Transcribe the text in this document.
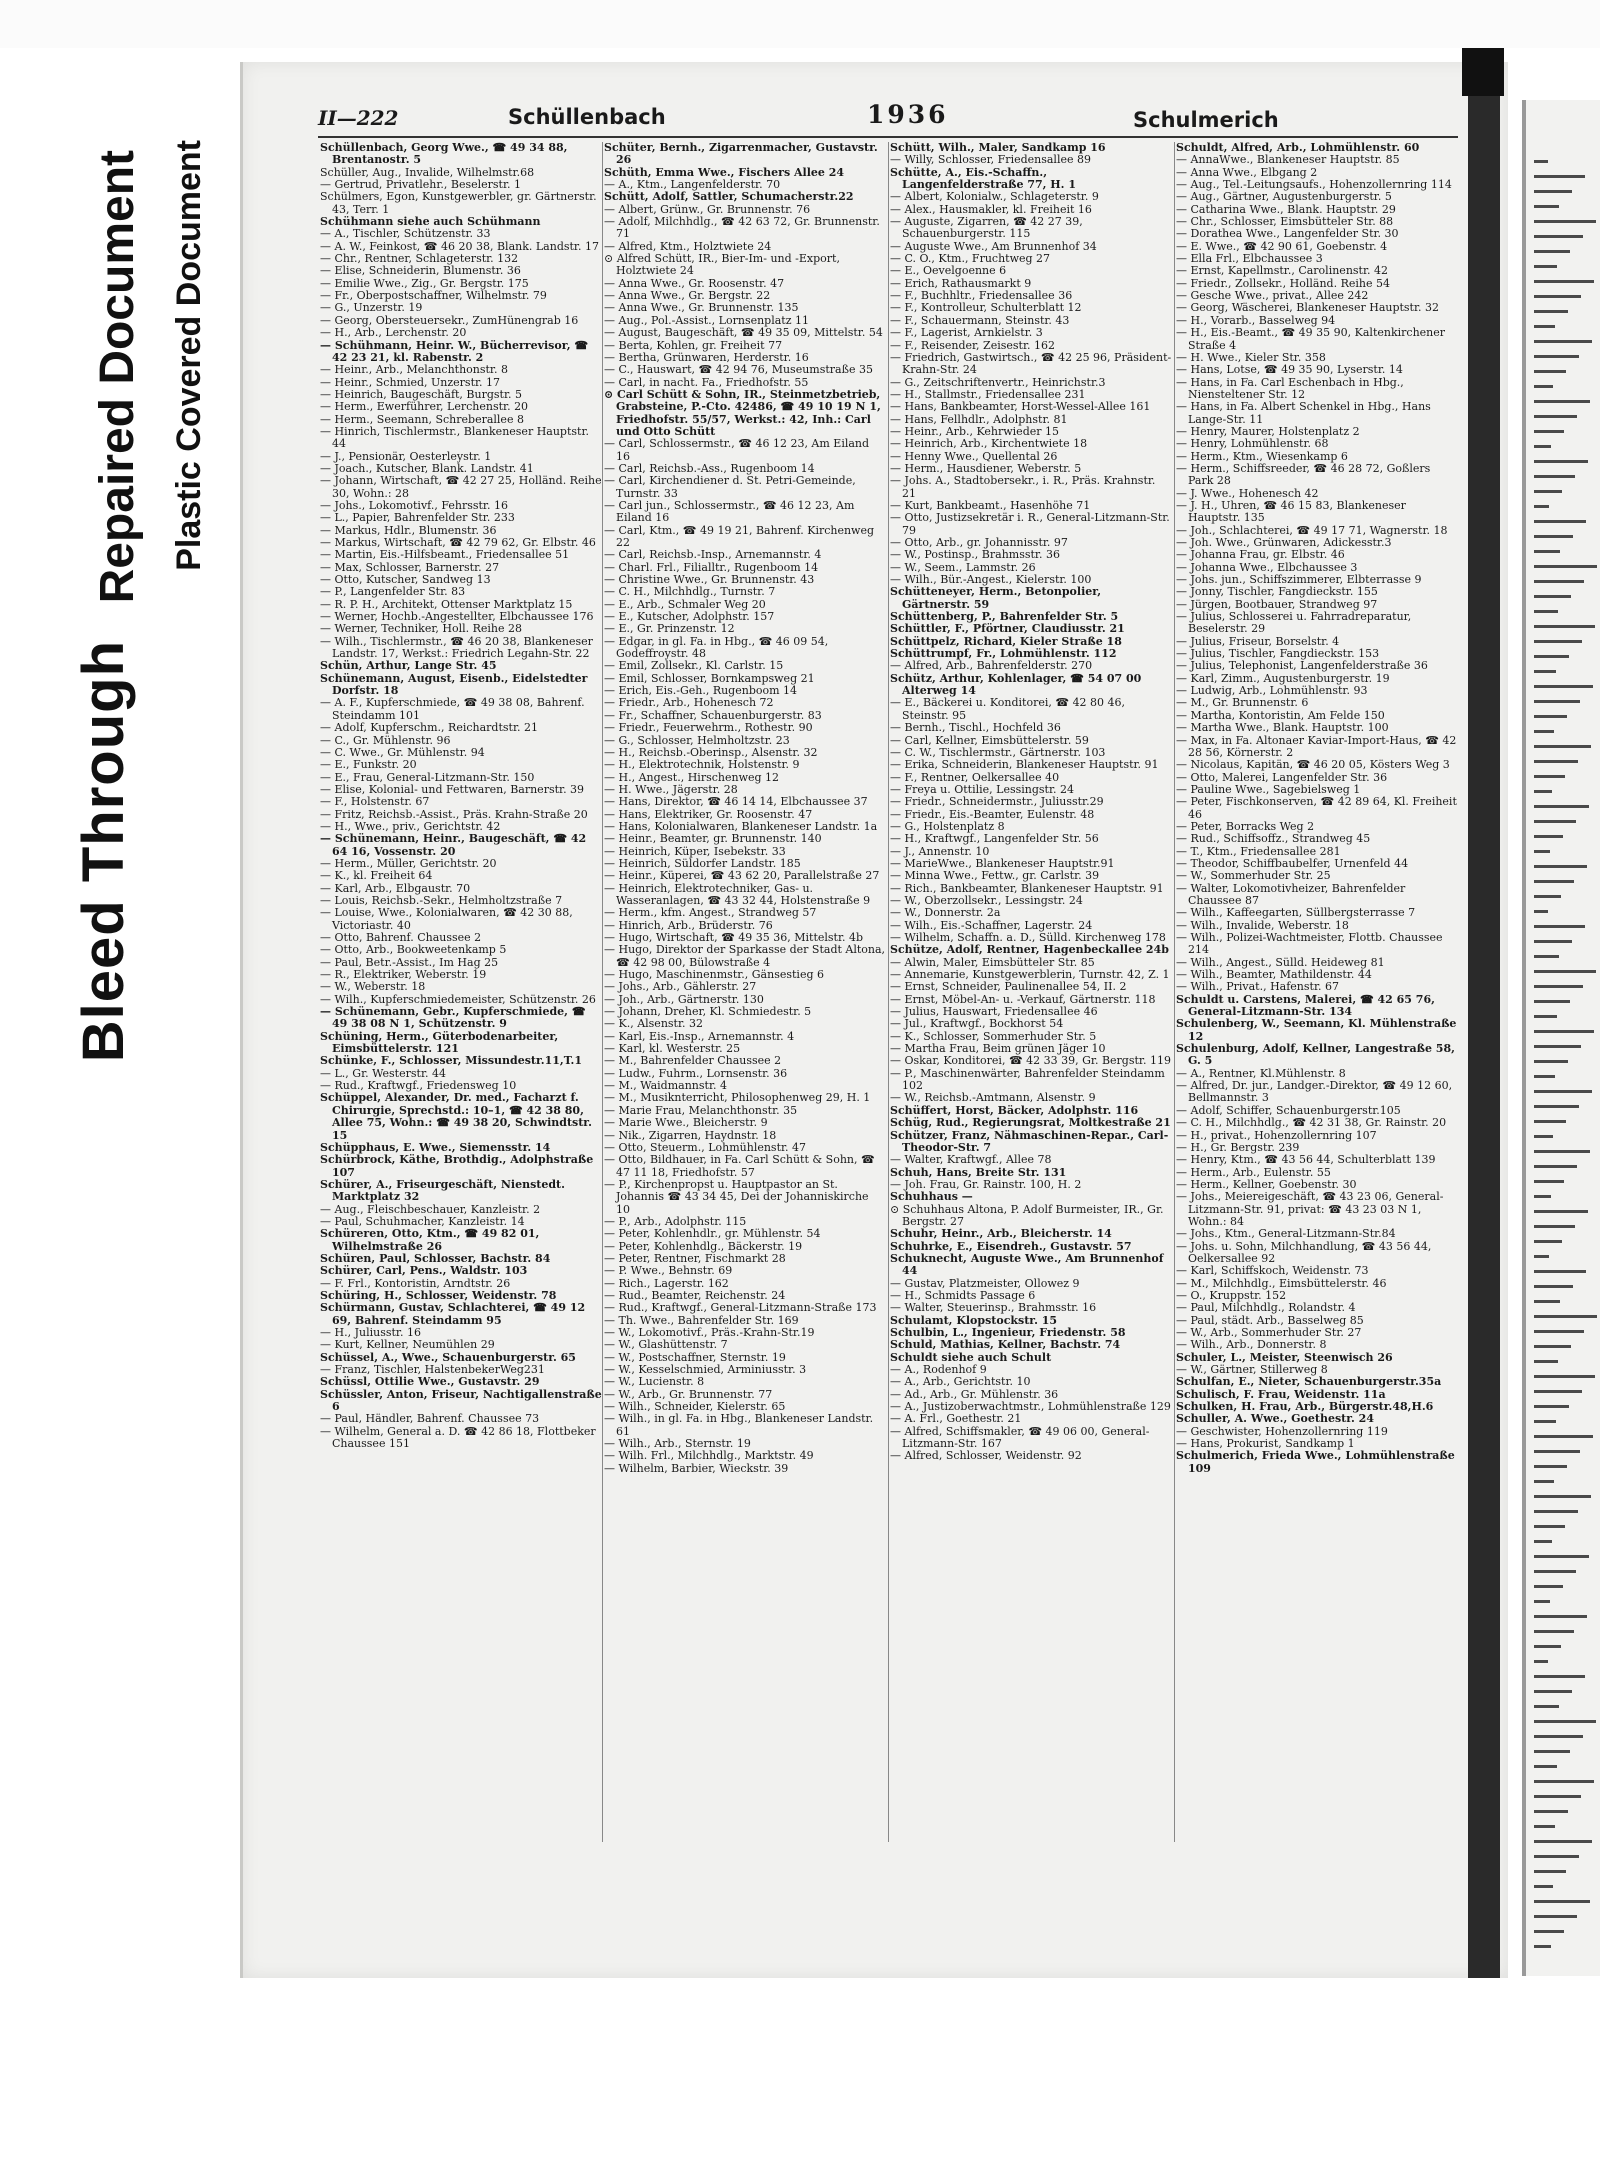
Bleed Through
Repaired Document Plastic Covered Document
II—222	Schüllenbach	1936	Schulmerich
Schüllenbach, Georg Wwe., ☎ 49 34 88, Brentanostr. 5
Schüller, Aug., Invalide, Wilhelmstr.68
— Gertrud, Privatlehr., Beselerstr. 1
Schülmers, Egon, Kunstgewerbler, gr. Gärtnerstr. 43, Terr. 1
Schühmann siehe auch Schühmann
— A., Tischler, Schützenstr. 33
— A. W., Feinkost, ☎ 46 20 38, Blank. Landstr. 17
— Chr., Rentner, Schlageterstr. 132
— Elise, Schneiderin, Blumenstr. 36
— Emilie Wwe., Zig., Gr. Bergstr. 175
— Fr., Oberpostschaffner, Wilhelmstr. 79
— G., Unzerstr. 19
— Georg, Obersteuersekr., ZumHünengrab 16
— H., Arb., Lerchenstr. 20
— Schühmann, Heinr. W., Bücherrevisor, ☎ 42 23 21, kl. Rabenstr. 2
— Heinr., Arb., Melanchthonstr. 8
— Heinr., Schmied, Unzerstr. 17
— Heinrich, Baugeschäft, Burgstr. 5
— Herm., Ewerführer, Lerchenstr. 20
— Herm., Seemann, Schreberallee 8
— Hinrich, Tischlermstr., Blankeneser Hauptstr. 44
— J., Pensionär, Oesterleystr. 1
— Joach., Kutscher, Blank. Landstr. 41
— Johann, Wirtschaft, ☎ 42 27 25, Holländ. Reihe 30, Wohn.: 28
— Johs., Lokomotivf., Fehrsstr. 16
— L., Papier, Bahrenfelder Str. 233
— Markus, Hdlr., Blumenstr. 36
— Markus, Wirtschaft, ☎ 42 79 62, Gr. Elbstr. 46
— Martin, Eis.-Hilfsbeamt., Friedensallee 51
— Max, Schlosser, Barnerstr. 27
— Otto, Kutscher, Sandweg 13
— P., Langenfelder Str. 83
— R. P. H., Architekt, Ottenser Marktplatz 15
— Werner, Hochb.-Angestellter, Elbchaussee 176
— Werner, Techniker, Holl. Reihe 28
— Wilh., Tischlermstr., ☎ 46 20 38, Blankeneser Landstr. 17, Werkst.: Friedrich Legahn-Str. 22
Schün, Arthur, Lange Str. 45
Schünemann, August, Eisenb., Eidelstedter Dorfstr. 18
— A. F., Kupferschmiede, ☎ 49 38 08, Bahrenf. Steindamm 101
— Adolf, Kupferschm., Reichardtstr. 21
— C., Gr. Mühlenstr. 96
— C. Wwe., Gr. Mühlenstr. 94
— E., Funkstr. 20
— E., Frau, General-Litzmann-Str. 150
— Elise, Kolonial- und Fettwaren, Barnerstr. 39
— F., Holstenstr. 67
— Fritz, Reichsb.-Assist., Präs. Krahn-Straße 20
— H., Wwe., priv., Gerichtstr. 42
— Schünemann, Heinr., Baugeschäft, ☎ 42 64 16, Vossenstr. 20
— Herm., Müller, Gerichtstr. 20
— K., kl. Freiheit 64
— Karl, Arb., Elbgaustr. 70
— Louis, Reichsb.-Sekr., Helmholtzstraße 7
— Louise, Wwe., Kolonialwaren, ☎ 42 30 88, Victoriastr. 40
— Otto, Bahrenf. Chaussee 2
— Otto, Arb., Bookweetenkamp 5
— Paul, Betr.-Assist., Im Hag 25
— R., Elektriker, Weberstr. 19
— W., Weberstr. 18
— Wilh., Kupferschmiedemeister, Schützenstr. 26
— Schünemann, Gebr., Kupferschmiede, ☎ 49 38 08 N 1, Schützenstr. 9
Schüning, Herm., Güterbodenarbeiter, Eimsbüttelerstr. 121
Schünke, F., Schlosser, Missundestr.11,T.1
— L., Gr. Westerstr. 44
— Rud., Kraftwgf., Friedensweg 10
Schüppel, Alexander, Dr. med., Facharzt f. Chirurgie, Sprechstd.: 10–1, ☎ 42 38 80, Allee 75, Wohn.: ☎ 49 38 20, Schwindtstr. 15
Schüpphaus, E. Wwe., Siemensstr. 14
Schürbrock, Käthe, Brothdig., Adolphstraße 107
Schürer, A., Friseurgeschäft, Nienstedt. Marktplatz 32
— Aug., Fleischbeschauer, Kanzleistr. 2
— Paul, Schuhmacher, Kanzleistr. 14
Schüreren, Otto, Ktm., ☎ 49 82 01, Wilhelmstraße 26
Schüren, Paul, Schlosser, Bachstr. 84
Schürer, Carl, Pens., Waldstr. 103
— F. Frl., Kontoristin, Arndtstr. 26
Schüring, H., Schlosser, Weidenstr. 78
Schürmann, Gustav, Schlachterei, ☎ 49 12 69, Bahrenf. Steindamm 95
— H., Juliusstr. 16
— Kurt, Kellner, Neumühlen 29
Schüssel, A., Wwe., Schauenburgerstr. 65
— Franz, Tischler, HalstenbekerWeg231
Schüssl, Ottilie Wwe., Gustavstr. 29
Schüssler, Anton, Friseur, Nachtigallenstraße 6
— Paul, Händler, Bahrenf. Chaussee 73
— Wilhelm, General a. D. ☎ 42 86 18, Flottbeker Chaussee 151
Schüter, Bernh., Zigarrenmacher, Gustavstr. 26
Schüth, Emma Wwe., Fischers Allee 24
— A., Ktm., Langenfelderstr. 70
Schütt, Adolf, Sattler, Schumacherstr.22
— Albert, Grünw., Gr. Brunnenstr. 76
— Adolf, Milchhdlg., ☎ 42 63 72, Gr. Brunnenstr. 71
— Alfred, Ktm., Holztwiete 24
⊙ Alfred Schütt, IR., Bier-Im- und -Export, Holztwiete 24
— Anna Wwe., Gr. Roosenstr. 47
— Anna Wwe., Gr. Bergstr. 22
— Anna Wwe., Gr. Brunnenstr. 135
— Aug., Pol.-Assist., Lornsenplatz 11
— August, Baugeschäft, ☎ 49 35 09, Mittelstr. 54
— Berta, Kohlen, gr. Freiheit 77
— Bertha, Grünwaren, Herderstr. 16
— C., Hauswart, ☎ 42 94 76, Museumstraße 35
— Carl, in nacht. Fa., Friedhofstr. 55
⊙ Carl Schütt & Sohn, IR., Steinmetzbetrieb, Grabsteine, P.-Cto. 42486, ☎ 49 10 19 N 1, Friedhofstr. 55/57, Werkst.: 42, Inh.: Carl und Otto Schütt
— Carl, Schlossermstr., ☎ 46 12 23, Am Eiland 16
— Carl, Reichsb.-Ass., Rugenboom 14
— Carl, Kirchendiener d. St. Petri-Gemeinde, Turnstr. 33
— Carl jun., Schlossermstr., ☎ 46 12 23, Am Eiland 16
— Carl, Ktm., ☎ 49 19 21, Bahrenf. Kirchenweg 22
— Carl, Reichsb.-Insp., Arnemannstr. 4
— Charl. Frl., Filialltr., Rugenboom 14
— Christine Wwe., Gr. Brunnenstr. 43
— C. H., Milchhdlg., Turnstr. 7
— E., Arb., Schmaler Weg 20
— E., Kutscher, Adolphstr. 157
— E., Gr. Prinzenstr. 12
— Edgar, in gl. Fa. in Hbg., ☎ 46 09 54, Godeffroystr. 48
— Emil, Zollsekr., Kl. Carlstr. 15
— Emil, Schlosser, Bornkampsweg 21
— Erich, Eis.-Geh., Rugenboom 14
— Friedr., Arb., Hohenesch 72
— Fr., Schaffner, Schauenburgerstr. 83
— Friedr., Feuerwehrm., Rothestr. 90
— G., Schlosser, Helmholtzstr. 23
— H., Reichsb.-Oberinsp., Alsenstr. 32
— H., Elektrotechnik, Holstenstr. 9
— H., Angest., Hirschenweg 12
— H. Wwe., Jägerstr. 28
— Hans, Direktor, ☎ 46 14 14, Elbchaussee 37
— Hans, Elektriker, Gr. Roosenstr. 47
— Hans, Kolonialwaren, Blankeneser Landstr. 1a
— Heinr., Beamter, gr. Brunnenstr. 140
— Heinrich, Küper, Isebekstr. 33
— Heinrich, Süldorfer Landstr. 185
— Heinr., Küperei, ☎ 43 62 20, Parallelstraße 27
— Heinrich, Elektrotechniker, Gas- u. Wasseranlagen, ☎ 43 32 44, Holstenstraße 9
— Herm., kfm. Angest., Strandweg 57
— Hinrich, Arb., Brüderstr. 76
— Hugo, Wirtschaft, ☎ 49 35 36, Mittelstr. 4b
— Hugo, Direktor der Sparkasse der Stadt Altona, ☎ 42 98 00, Bülowstraße 4
— Hugo, Maschinenmstr., Gänsestieg 6
— Johs., Arb., Gählerstr. 27
— Joh., Arb., Gärtnerstr. 130
— Johann, Dreher, Kl. Schmiedestr. 5
— K., Alsenstr. 32
— Karl, Eis.-Insp., Arnemannstr. 4
— Karl, kl. Westerstr. 25
— M., Bahrenfelder Chaussee 2
— Ludw., Fuhrm., Lornsenstr. 36
— M., Waidmannstr. 4
— M., Musiknterricht, Philosophenweg 29, H. 1
— Marie Frau, Melanchthonstr. 35
— Marie Wwe., Bleicherstr. 9
— Nik., Zigarren, Haydnstr. 18
— Otto, Steuerm., Lohmühlenstr. 47
— Otto, Bildhauer, in Fa. Carl Schütt & Sohn, ☎ 47 11 18, Friedhofstr. 57
— P., Kirchenpropst u. Hauptpastor an St. Johannis ☎ 43 34 45, Dei der Johanniskirche 10
— P., Arb., Adolphstr. 115
— Peter, Kohlenhdlr., gr. Mühlenstr. 54
— Peter, Kohlenhdlg., Bäckerstr. 19
— Peter, Rentner, Fischmarkt 28
— P. Wwe., Behnstr. 69
— Rich., Lagerstr. 162
— Rud., Beamter, Reichenstr. 24
— Rud., Kraftwgf., General-Litzmann-Straße 173
— Th. Wwe., Bahrenfelder Str. 169
— W., Lokomotivf., Präs.-Krahn-Str.19
— W., Glashüttenstr. 7
— W., Postschaffner, Sternstr. 19
— W., Kesselschmied, Arminiusstr. 3
— W., Lucienstr. 8
— W., Arb., Gr. Brunnenstr. 77
— Wilh., Schneider, Kielerstr. 65
— Wilh., in gl. Fa. in Hbg., Blankeneser Landstr. 61
— Wilh., Arb., Sternstr. 19
— Wilh. Frl., Milchhdlg., Marktstr. 49
— Wilhelm, Barbier, Wieckstr. 39
Schütt, Wilh., Maler, Sandkamp 16
— Willy, Schlosser, Friedensallee 89
Schütte, A., Eis.-Schaffn., Langenfelderstraße 77, H. 1
— Albert, Kolonialw., Schlageterstr. 9
— Alex., Hausmakler, kl. Freiheit 16
— Auguste, Zigarren, ☎ 42 27 39, Schauenburgerstr. 115
— Auguste Wwe., Am Brunnenhof 34
— C. O., Ktm., Fruchtweg 27
— E., Oevelgoenne 6
— Erich, Rathausmarkt 9
— F., Buchhltr., Friedensallee 36
— F., Kontrolleur, Schulterblatt 12
— F., Schauermann, Steinstr. 43
— F., Lagerist, Arnkielstr. 3
— F., Reisender, Zeisestr. 162
— Friedrich, Gastwirtsch., ☎ 42 25 96, Präsident-Krahn-Str. 24
— G., Zeitschriftenvertr., Heinrichstr.3
— H., Stallmstr., Friedensallee 231
— Hans, Bankbeamter, Horst-Wessel-Allee 161
— Hans, Fellhdlr., Adolphstr. 81
— Heinr., Arb., Kehrwieder 15
— Heinrich, Arb., Kirchentwiete 18
— Henny Wwe., Quellental 26
— Herm., Hausdiener, Weberstr. 5
— Johs. A., Stadtobersekr., i. R., Präs. Krahnstr. 21
— Kurt, Bankbeamt., Hasenhöhe 71
— Otto, Justizsekretär i. R., General-Litzmann-Str. 79
— Otto, Arb., gr. Johannisstr. 97
— W., Postinsp., Brahmsstr. 36
— W., Seem., Lammstr. 26
— Wilh., Bür.-Angest., Kielerstr. 100
Schütteneyer, Herm., Betonpolier, Gärtnerstr. 59
Schüttenberg, P., Bahrenfelder Str. 5
Schüttler, F., Pförtner, Claudiusstr. 21
Schüttpelz, Richard, Kieler Straße 18
Schüttrumpf, Fr., Lohmühlenstr. 112
— Alfred, Arb., Bahrenfelderstr. 270
Schütz, Arthur, Kohlenlager, ☎ 54 07 00 Alterweg 14
— E., Bäckerei u. Konditorei, ☎ 42 80 46, Steinstr. 95
— Bernh., Tischl., Hochfeld 36
— Carl, Kellner, Eimsbüttelerstr. 59
— C. W., Tischlermstr., Gärtnerstr. 103
— Erika, Schneiderin, Blankeneser Hauptstr. 91
— F., Rentner, Oelkersallee 40
— Freya u. Ottilie, Lessingstr. 24
— Friedr., Schneidermstr., Juliusstr.29
— Friedr., Eis.-Beamter, Eulenstr. 48
— G., Holstenplatz 8
— H., Kraftwgf., Langenfelder Str. 56
— J., Annenstr. 10
— MarieWwe., Blankeneser Hauptstr.91
— Minna Wwe., Fettw., gr. Carlstr. 39
— Rich., Bankbeamter, Blankeneser Hauptstr. 91
— W., Oberzollsekr., Lessingstr. 24
— W., Donnerstr. 2a
— Wilh., Eis.-Schaffner, Lagerstr. 24
— Wilhelm, Schaffn. a. D., Sülld. Kirchenweg 178
Schütze, Adolf, Rentner, Hagenbeckallee 24b
— Alwin, Maler, Eimsbütteler Str. 85
— Annemarie, Kunstgewerblerin, Turnstr. 42, Z. 1
— Ernst, Schneider, Paulinenallee 54, II. 2
— Ernst, Möbel-An- u. -Verkauf, Gärtnerstr. 118
— Julius, Hauswart, Friedensallee 46
— Jul., Kraftwgf., Bockhorst 54
— K., Schlosser, Sommerhuder Str. 5
— Martha Frau, Beim grünen Jäger 10
— Oskar, Konditorei, ☎ 42 33 39, Gr. Bergstr. 119
— P., Maschinenwärter, Bahrenfelder Steindamm 102
— W., Reichsb.-Amtmann, Alsenstr. 9
Schüffert, Horst, Bäcker, Adolphstr. 116
Schüg, Rud., Regierungsrat, Moltkestraße 21
Schützer, Franz, Nähmaschinen-Repar., Carl-Theodor-Str. 7
— Walter, Kraftwgf., Allee 78
Schuh, Hans, Breite Str. 131
— Joh. Frau, Gr. Rainstr. 100, H. 2
Schuhhaus —
⊙ Schuhhaus Altona, P. Adolf Burmeister, IR., Gr. Bergstr. 27
Schuhr, Heinr., Arb., Bleicherstr. 14
Schuhrke, E., Eisendreh., Gustavstr. 57
Schuknecht, Auguste Wwe., Am Brunnenhof 44
— Gustav, Platzmeister, Ollowez 9
— H., Schmidts Passage 6
— Walter, Steuerinsp., Brahmsstr. 16
Schulamt, Klopstockstr. 15
Schulbin, L., Ingenieur, Friedenstr. 58
Schuld, Mathias, Kellner, Bachstr. 74
Schuldt siehe auch Schult
— A., Rodenhof 9
— A., Arb., Gerichtstr. 10
— Ad., Arb., Gr. Mühlenstr. 36
— A., Justizoberwachtmstr., Lohmühlenstraße 129
— A. Frl., Goethestr. 21
— Alfred, Schiffsmakler, ☎ 49 06 00, General-Litzmann-Str. 167
— Alfred, Schlosser, Weidenstr. 92
Schuldt, Alfred, Arb., Lohmühlenstr. 60
— AnnaWwe., Blankeneser Hauptstr. 85
— Anna Wwe., Elbgang 2
— Aug., Tel.-Leitungsaufs., Hohenzollernring 114
— Aug., Gärtner, Augustenburgerstr. 5
— Catharina Wwe., Blank. Hauptstr. 29
— Chr., Schlosser, Eimsbütteler Str. 88
— Dorathea Wwe., Langenfelder Str. 30
— E. Wwe., ☎ 42 90 61, Goebenstr. 4
— Ella Frl., Elbchaussee 3
— Ernst, Kapellmstr., Carolinenstr. 42
— Friedr., Zollsekr., Holländ. Reihe 54
— Gesche Wwe., privat., Allee 242
— Georg, Wäscherei, Blankeneser Hauptstr. 32
— H., Vorarb., Basselweg 94
— H., Eis.-Beamt., ☎ 49 35 90, Kaltenkirchener Straße 4
— H. Wwe., Kieler Str. 358
— Hans, Lotse, ☎ 49 35 90, Lyserstr. 14
— Hans, in Fa. Carl Eschenbach in Hbg., Niensteltener Str. 12
— Hans, in Fa. Albert Schenkel in Hbg., Hans Lange-Str. 11
— Henry, Maurer, Holstenplatz 2
— Henry, Lohmühlenstr. 68
— Herm., Ktm., Wiesenkamp 6
— Herm., Schiffsreeder, ☎ 46 28 72, Goßlers Park 28
— J. Wwe., Hohenesch 42
— J. H., Uhren, ☎ 46 15 83, Blankeneser Hauptstr. 135
— Joh., Schlachterei, ☎ 49 17 71, Wagnerstr. 18
— Joh. Wwe., Grünwaren, Adickesstr.3
— Johanna Frau, gr. Elbstr. 46
— Johanna Wwe., Elbchaussee 3
— Johs. jun., Schiffszimmerer, Elbterrasse 9
— Jonny, Tischler, Fangdieckstr. 155
— Jürgen, Bootbauer, Strandweg 97
— Julius, Schlosserei u. Fahrradreparatur, Beselerstr. 29
— Julius, Friseur, Borselstr. 4
— Julius, Tischler, Fangdieckstr. 153
— Julius, Telephonist, Langenfelderstraße 36
— Karl, Zimm., Augustenburgerstr. 19
— Ludwig, Arb., Lohmühlenstr. 93
— M., Gr. Brunnenstr. 6
— Martha, Kontoristin, Am Felde 150
— Martha Wwe., Blank. Hauptstr. 100
— Max, in Fa. Altonaer Kaviar-Import-Haus, ☎ 42 28 56, Körnerstr. 2
— Nicolaus, Kapitän, ☎ 46 20 05, Kösters Weg 3
— Otto, Malerei, Langenfelder Str. 36
— Pauline Wwe., Sagebielsweg 1
— Peter, Fischkonserven, ☎ 42 89 64, Kl. Freiheit 46
— Peter, Borracks Weg 2
— Rud., Schiffsoffz., Strandweg 45
— T., Ktm., Friedensallee 281
— Theodor, Schiffbaubelfer, Urnenfeld 44
— W., Sommerhuder Str. 25
— Walter, Lokomotivheizer, Bahrenfelder Chaussee 87
— Wilh., Kaffeegarten, Süllbergsterrasse 7
— Wilh., Invalide, Weberstr. 18
— Wilh., Polizei-Wachtmeister, Flottb. Chaussee 214
— Wilh., Angest., Sülld. Heideweg 81
— Wilh., Beamter, Mathildenstr. 44
— Wilh., Privat., Hafenstr. 67
Schuldt u. Carstens, Malerei, ☎ 42 65 76, General-Litzmann-Str. 134
Schulenberg, W., Seemann, Kl. Mühlenstraße 12
Schulenburg, Adolf, Kellner, Langestraße 58, G. 5
— A., Rentner, Kl.Mühlenstr. 8
— Alfred, Dr. jur., Landger.-Direktor, ☎ 49 12 60, Bellmannstr. 3
— Adolf, Schiffer, Schauenburgerstr.105
— C. H., Milchhdlg., ☎ 42 31 38, Gr. Rainstr. 20
— H., privat., Hohenzollernring 107
— H., Gr. Bergstr. 239
— Henry, Ktm., ☎ 43 56 44, Schulterblatt 139
— Herm., Arb., Eulenstr. 55
— Herm., Kellner, Goebenstr. 30
— Johs., Meiereigeschäft, ☎ 43 23 06, General-Litzmann-Str. 91, privat: ☎ 43 23 03 N 1, Wohn.: 84
— Johs., Ktm., General-Litzmann-Str.84
— Johs. u. Sohn, Milchhandlung, ☎ 43 56 44, Oelkersallee 92
— Karl, Schiffskoch, Weidenstr. 73
— M., Milchhdlg., Eimsbüttelerstr. 46
— O., Kruppstr. 152
— Paul, Milchhdlg., Rolandstr. 4
— Paul, städt. Arb., Basselweg 85
— W., Arb., Sommerhuder Str. 27
— Wilh., Arb., Donnerstr. 8
Schuler, L., Meister, Steenwisch 26
— W., Gärtner, Stillerweg 8
Schulfan, E., Nieter, Schauenburgerstr.35a
Schulisch, F. Frau, Weidenstr. 11a
Schulken, H. Frau, Arb., Bürgerstr.48,H.6
Schuller, A. Wwe., Goethestr. 24
— Geschwister, Hohenzollernring 119
— Hans, Prokurist, Sandkamp 1
Schulmerich, Frieda Wwe., Lohmühlenstraße 109
